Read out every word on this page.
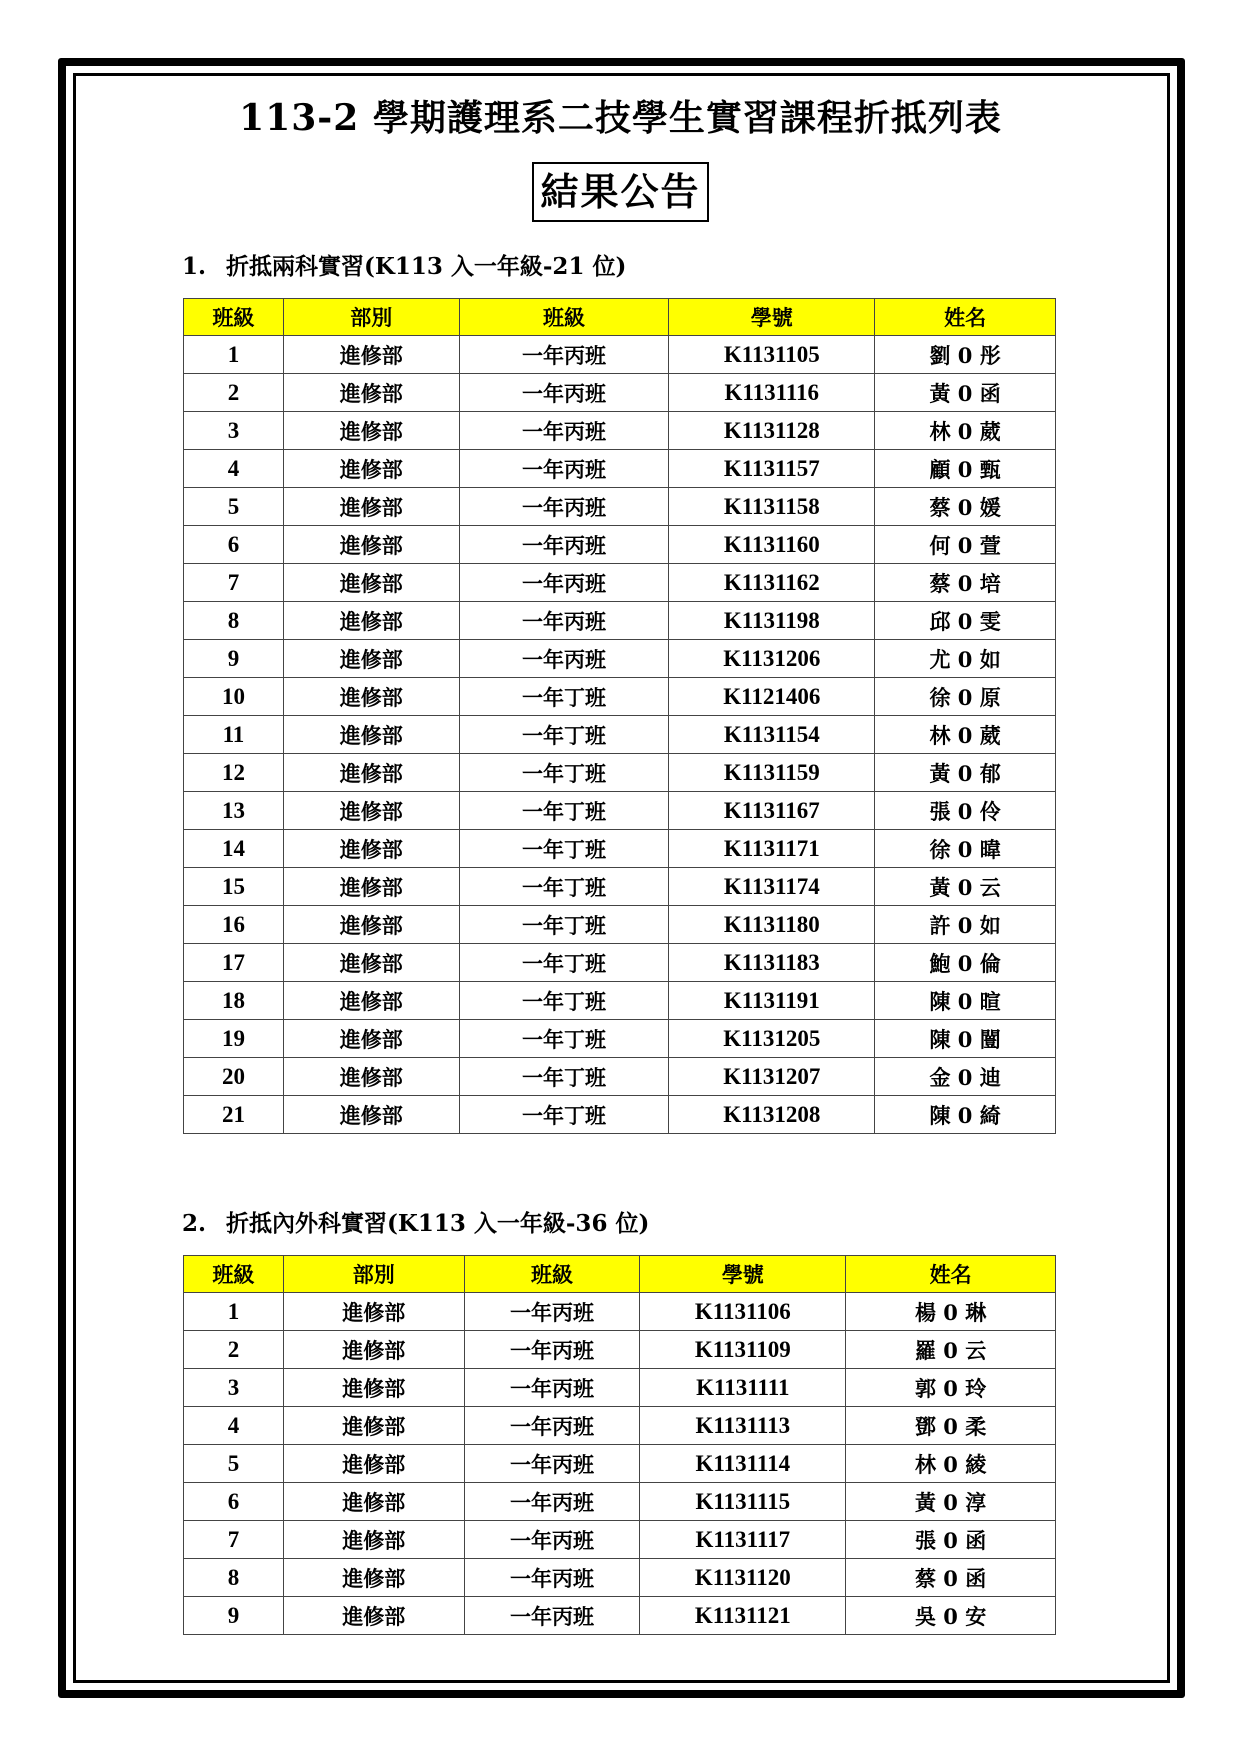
113-2 學期護理系二技學生實習課程折抵列表
結果公告
1. 折抵兩科實習(K113 入一年級-21 位)
班級	部別	班級	學號	姓名
1	進修部	一年丙班	K1131105	劉 0 彤
2	進修部	一年丙班	K1131116	黃 0 函
3	進修部	一年丙班	K1131128	林 0 葳
4	進修部	一年丙班	K1131157	顧 0 甄
5	進修部	一年丙班	K1131158	蔡 0 媛
6	進修部	一年丙班	K1131160	何 0 萱
7	進修部	一年丙班	K1131162	蔡 0 培
8	進修部	一年丙班	K1131198	邱 0 雯
9	進修部	一年丙班	K1131206	尤 0 如
10	進修部	一年丁班	K1121406	徐 0 原
11	進修部	一年丁班	K1131154	林 0 葳
12	進修部	一年丁班	K1131159	黃 0 郁
13	進修部	一年丁班	K1131167	張 0 伶
14	進修部	一年丁班	K1131171	徐 0 暐
15	進修部	一年丁班	K1131174	黃 0 云
16	進修部	一年丁班	K1131180	許 0 如
17	進修部	一年丁班	K1131183	鮑 0 倫
18	進修部	一年丁班	K1131191	陳 0 暄
19	進修部	一年丁班	K1131205	陳 0 闓
20	進修部	一年丁班	K1131207	金 0 迪
21	進修部	一年丁班	K1131208	陳 0 綺
2. 折抵內外科實習(K113 入一年級-36 位)
班級	部別	班級	學號	姓名
1	進修部	一年丙班	K1131106	楊 0 琳
2	進修部	一年丙班	K1131109	羅 0 云
3	進修部	一年丙班	K1131111	郭 0 玲
4	進修部	一年丙班	K1131113	鄧 0 柔
5	進修部	一年丙班	K1131114	林 0 綾
6	進修部	一年丙班	K1131115	黃 0 淳
7	進修部	一年丙班	K1131117	張 0 函
8	進修部	一年丙班	K1131120	蔡 0 函
9	進修部	一年丙班	K1131121	吳 0 安
